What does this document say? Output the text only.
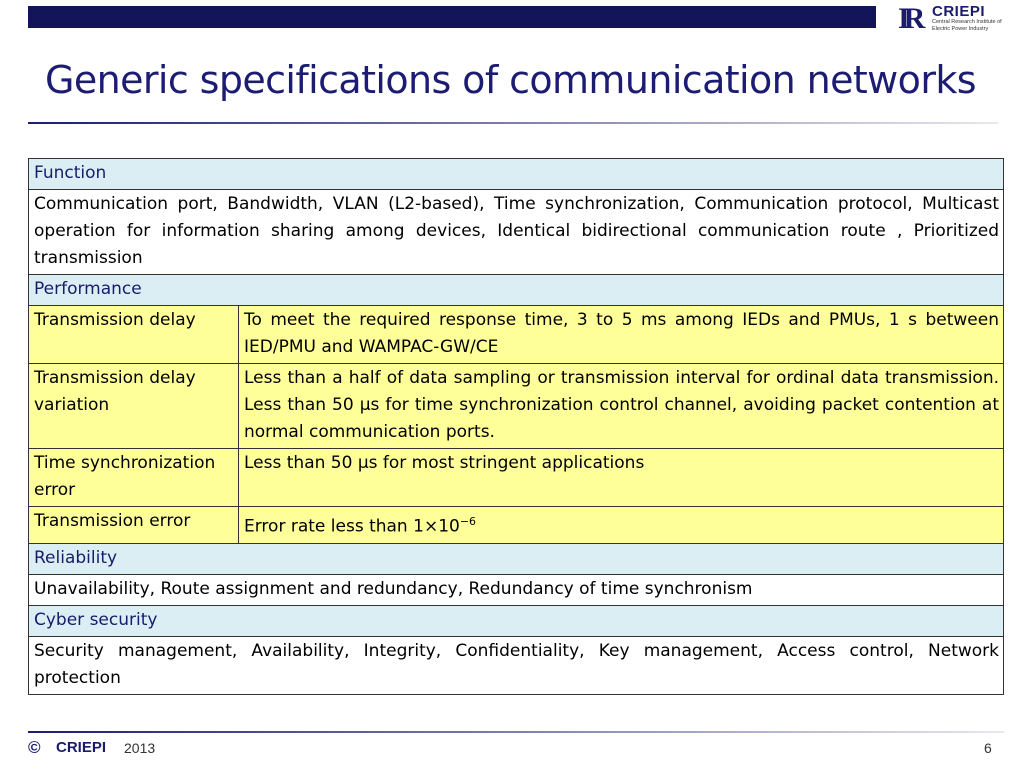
IR CRIEPI
Central Research Institute of Electric Power Industry
Generic specifications of communication networks
Function	
Communication port, Bandwidth, VLAN (L2-based), Time synchronization, Communication protocol, Multicast operation for information sharing among devices, Identical bidirectional communication route , Prioritized transmission	
Performance	
Transmission delay	To meet the required response time, 3 to 5 ms among IEDs and PMUs, 1 s between IED/PMU and WAMPAC-GW/CE
Transmission delay variation	Less than a half of data sampling or transmission interval for ordinal data transmission. Less than 50 µs for time synchronization control channel, avoiding packet contention at normal communication ports.
Time synchronization error	Less than 50 µs for most stringent applications
Transmission error	Error rate less than $1\times 10^{-6}$
Reliability	
Unavailability, Route assignment and redundancy, Redundancy of time synchronism	
Cyber security	
Security management, Availability, Integrity, Confidentiality, Key management, Access control, Network protection	
© CRIEPI 2013	6
